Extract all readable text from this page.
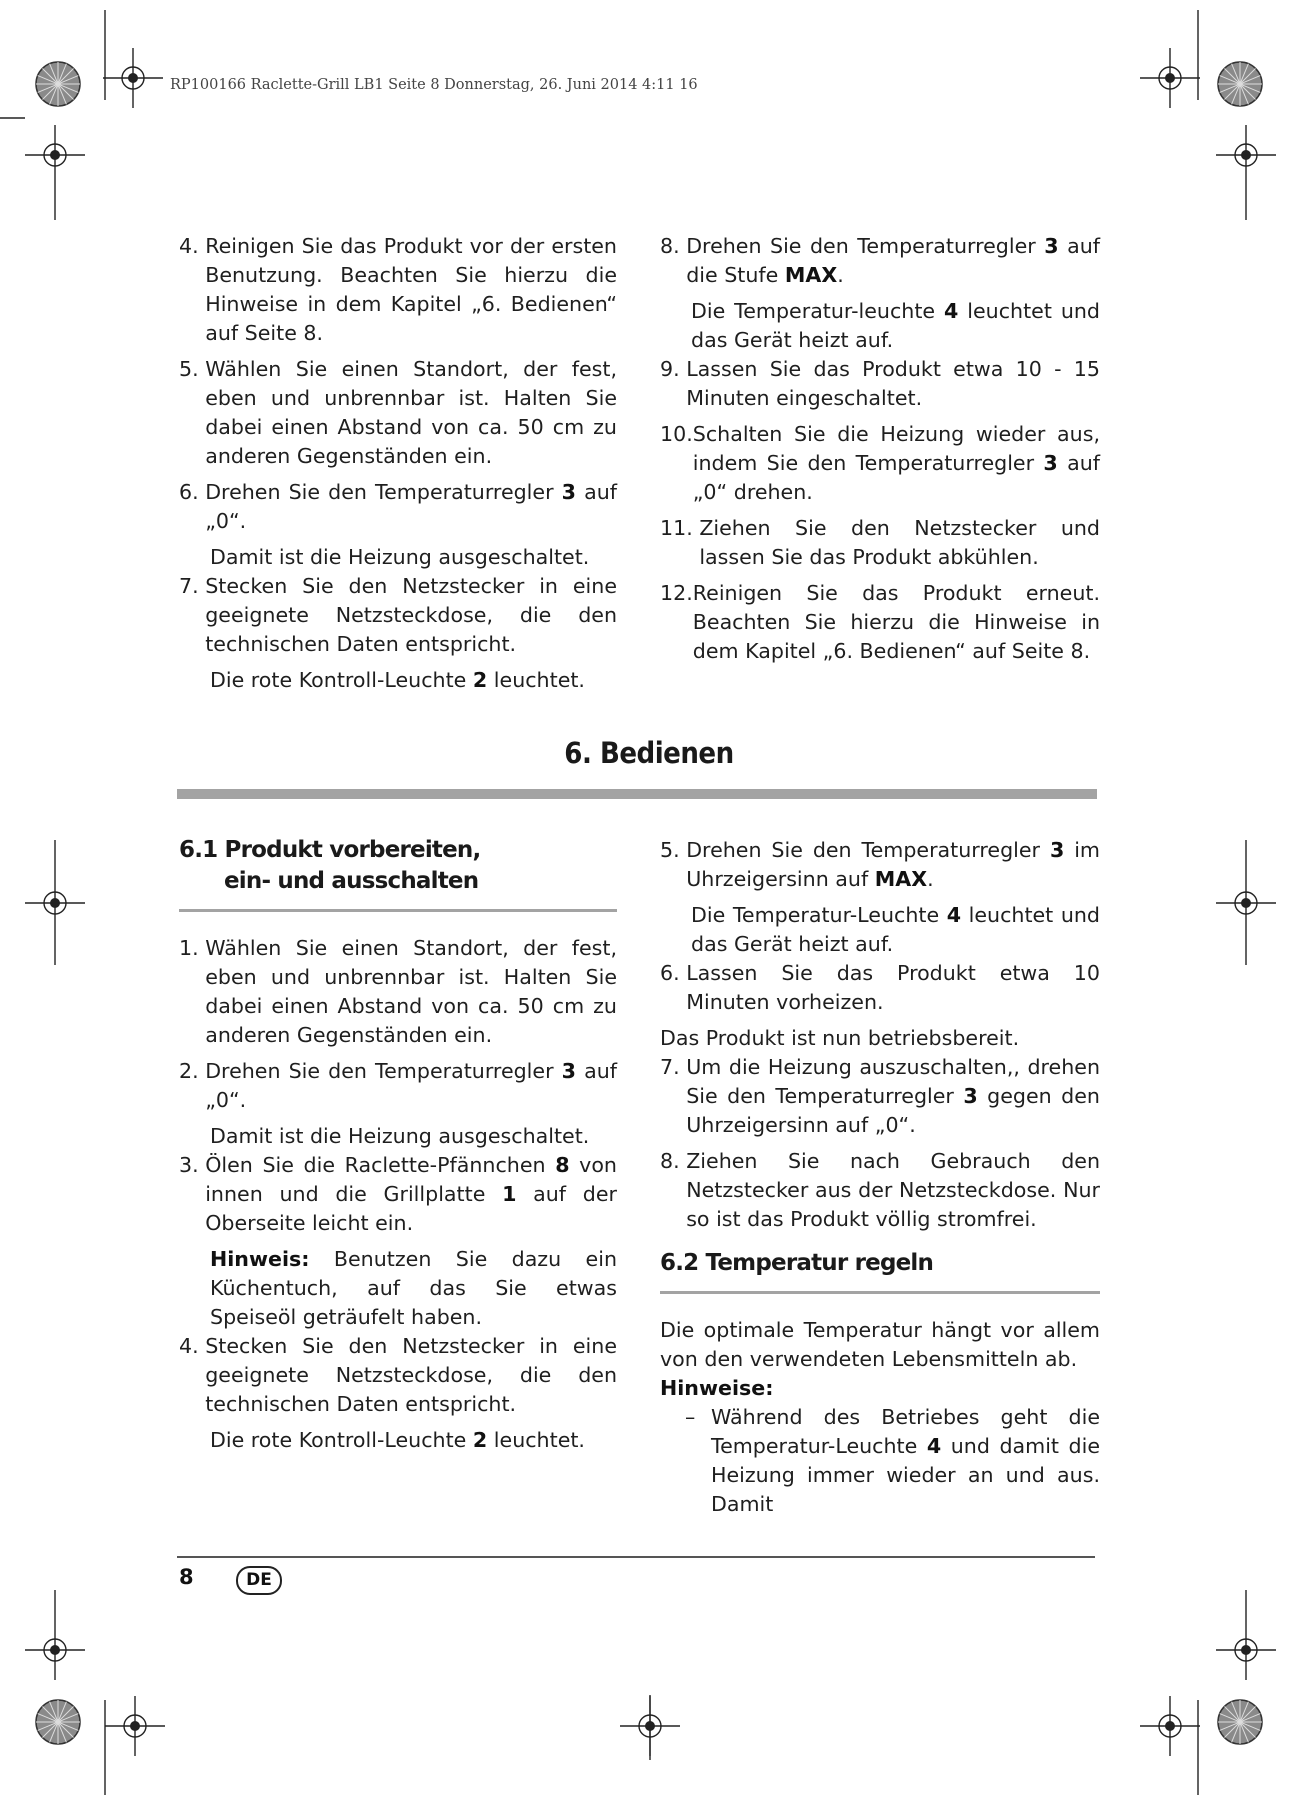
RP100166 Raclette-Grill LB1 Seite 8 Donnerstag, 26. Juni 2014 4:11 16
4. Reinigen Sie das Produkt vor der ersten Benutzung. Beachten Sie hierzu die Hinweise in dem Kapitel „6. Bedienen“ auf Seite 8.
5. Wählen Sie einen Standort, der fest, eben und unbrennbar ist. Halten Sie dabei einen Abstand von ca. 50 cm zu anderen Gegenständen ein.
6. Drehen Sie den Temperaturregler 3 auf „0“.

Damit ist die Heizung ausgeschaltet.

7. Stecken Sie den Netzstecker in eine geeignete Netzsteckdose, die den technischen Daten entspricht.

Die rote Kontroll-Leuchte 2 leuchtet.

8. Drehen Sie den Temperaturregler 3 auf die Stufe MAX.

Die Temperatur-leuchte 4 leuchtet und das Gerät heizt auf.

9. Lassen Sie das Produkt etwa 10 - 15 Minuten eingeschaltet.
10. Schalten Sie die Heizung wieder aus, indem Sie den Temperaturregler 3 auf „0“ drehen.
11. Ziehen Sie den Netzstecker und lassen Sie das Produkt abkühlen.
12. Reinigen Sie das Produkt erneut. Beachten Sie hierzu die Hinweise in dem Kapitel „6. Bedienen“ auf Seite 8.
6. Bedienen
6.1 Produkt vorbereiten,
ein- und ausschalten
1. Wählen Sie einen Standort, der fest, eben und unbrennbar ist. Halten Sie dabei einen Abstand von ca. 50 cm zu anderen Gegenständen ein.
2. Drehen Sie den Temperaturregler 3 auf „0“.

Damit ist die Heizung ausgeschaltet.

3. Ölen Sie die Raclette-Pfännchen 8 von innen und die Grillplatte 1 auf der Oberseite leicht ein.

Hinweis: Benutzen Sie dazu ein Küchentuch, auf das Sie etwas Speiseöl geträufelt haben.

4. Stecken Sie den Netzstecker in eine geeignete Netzsteckdose, die den technischen Daten entspricht.

Die rote Kontroll-Leuchte 2 leuchtet.

5. Drehen Sie den Temperaturregler 3 im Uhrzeigersinn auf MAX.

Die Temperatur-Leuchte 4 leuchtet und das Gerät heizt auf.

6. Lassen Sie das Produkt etwa 10 Minuten vorheizen.

Das Produkt ist nun betriebsbereit.

7. Um die Heizung auszuschalten,, drehen Sie den Temperaturregler 3 gegen den Uhrzeigersinn auf „0“.
8. Ziehen Sie nach Gebrauch den Netzstecker aus der Netzsteckdose. Nur so ist das Produkt völlig stromfrei.
6.2 Temperatur regeln

Die optimale Temperatur hängt vor allem von den verwendeten Lebensmitteln ab.

Hinweise:

– Während des Betriebes geht die Temperatur-Leuchte 4 und damit die Heizung immer wieder an und aus. Damit
8	DE
